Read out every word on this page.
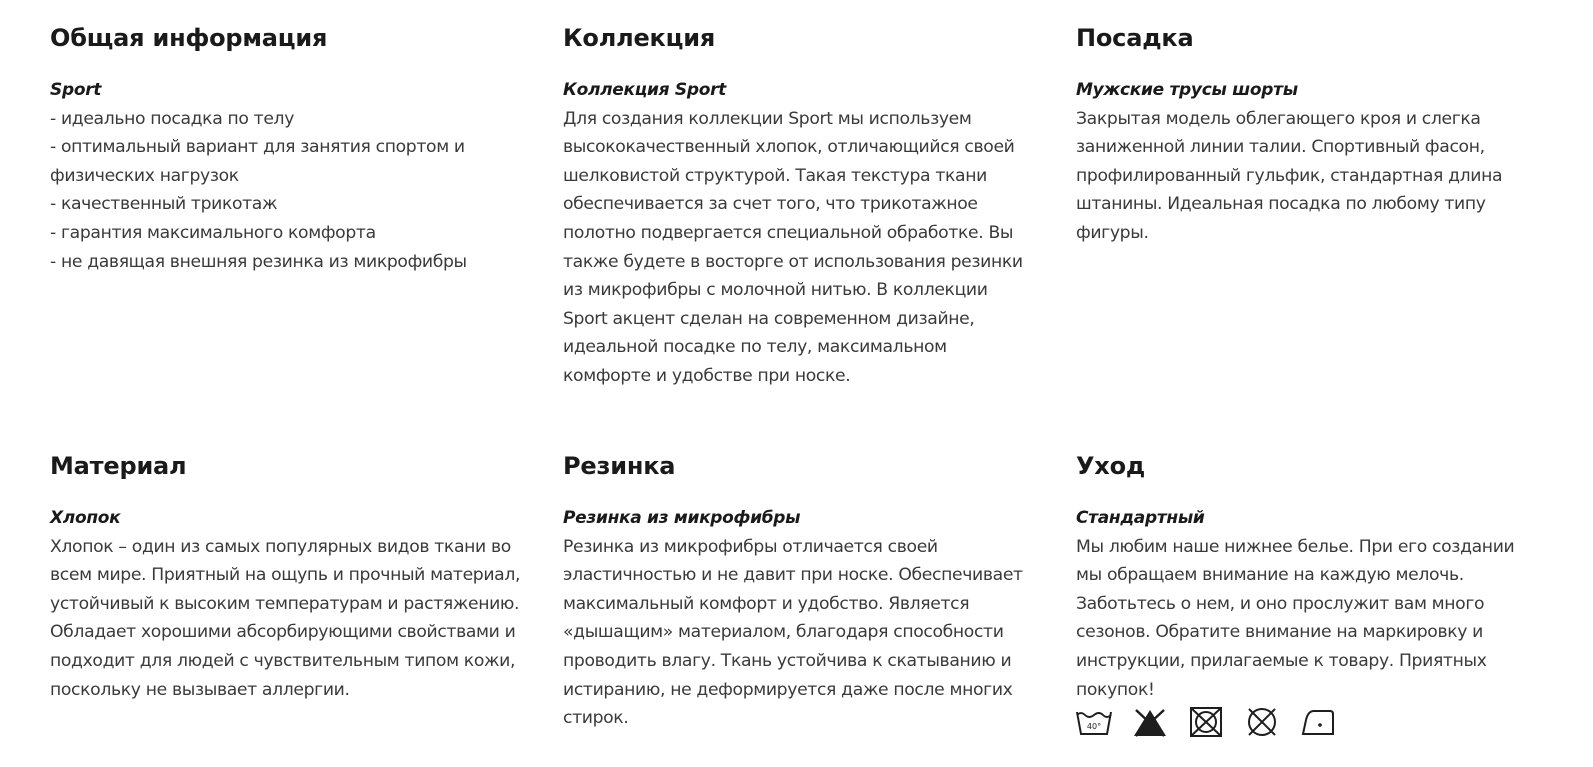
Общая информация
Sport
- идеально посадка по телу
- оптимальный вариант для занятия спортом и физических нагрузок
- качественный трикотаж
- гарантия максимального комфорта
- не давящая внешняя резинка из микрофибры
Коллекция
Коллекция Sport

Для создания коллекции Sport мы используем высококачественный хлопок, отличающийся своей шелковистой структурой. Такая текстура ткани обеспечивается за счет того, что трикотажное полотно подвергается специальной обработке. Вы также будете в восторге от использования резинки из микрофибры с молочной нитью. В коллекции Sport акцент сделан на современном дизайне, идеальной посадке по телу, максимальном комфорте и удобстве при носке.

Посадка
Мужские трусы шорты

Закрытая модель облегающего кроя и слегка заниженной линии талии. Спортивный фасон, профилированный гульфик, стандартная длина штанины. Идеальная посадка по любому типу фигуры.

Материал
Хлопок

Хлопок – один из самых популярных видов ткани во всем мире. Приятный на ощупь и прочный материал, устойчивый к высоким температурам и растяжению. Обладает хорошими абсорбирующими свойствами и подходит для людей с чувствительным типом кожи, поскольку не вызывает аллергии.

Резинка
Резинка из микрофибры

Резинка из микрофибры отличается своей эластичностью и не давит при носке. Обеспечивает максимальный комфорт и удобство. Является «дышащим» материалом, благодаря способности проводить влагу. Ткань устойчива к скатыванию и истиранию, не деформируется даже после многих стирок.

Уход
Стандартный

Мы любим наше нижнее белье. При его создании мы обращаем внимание на каждую мелочь. Заботьтесь о нем, и оно прослужит вам много сезонов. Обратите внимание на маркировку и инструкции, прилагаемые к товару. Приятных покупок!

40°
